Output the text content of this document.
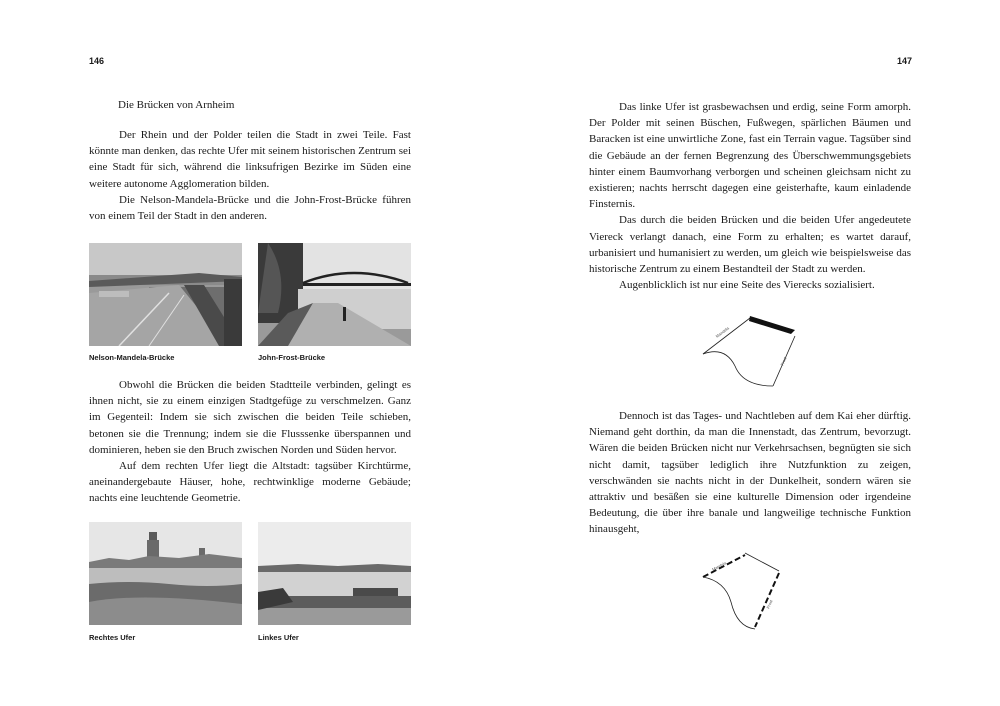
146
Die Brücken von Arnheim

Der Rhein und der Polder teilen die Stadt in zwei Teile. Fast könnte man denken, das rechte Ufer mit seinem historischen Zentrum sei eine Stadt für sich, während die linksufrigen Bezirke im Süden eine weitere autonome Agglomeration bilden.

Die Nelson-Mandela-Brücke und die John-Frost-Brücke führen von einem Teil der Stadt in den anderen.

Nelson-Mandela-Brücke	John-Frost-Brücke

Obwohl die Brücken die beiden Stadtteile verbinden, gelingt es ihnen nicht, sie zu einem einzigen Stadtgefüge zu verschmelzen. Ganz im Gegenteil: Indem sie sich zwischen die beiden Teile schieben, betonen sie die Trennung; indem sie die Flusssenke überspannen und dominieren, heben sie den Bruch zwischen Norden und Süden hervor.

Auf dem rechten Ufer liegt die Altstadt: tagsüber Kirchtürme, aneinandergebaute Häuser, hohe, rechtwinklige moderne Gebäude; nachts eine leuchtende Geometrie.

Rechtes Ufer	Linkes Ufer
147

Das linke Ufer ist grasbewachsen und erdig, seine Form amorph. Der Polder mit seinen Büschen, Fußwegen, spärlichen Bäumen und Baracken ist eine unwirtliche Zone, fast ein Terrain vague. Tagsüber sind die Gebäude an der fernen Begrenzung des Überschwemmungsgebiets hinter einem Baumvorhang verborgen und scheinen gleichsam nicht zu existieren; nachts herrscht dagegen eine geisterhafte, kaum einladende Finsternis.

Das durch die beiden Brücken und die beiden Ufer angedeutete Viereck verlangt danach, eine Form zu erhalten; es wartet darauf, urbanisiert und humanisiert zu werden, um gleich wie beispielsweise das historische Zentrum zu einem Bestandteil der Stadt zu werden.

Augenblicklich ist nur eine Seite des Vierecks sozialisiert.

Mandela
Frost

Dennoch ist das Tages- und Nachtleben auf dem Kai eher dürftig. Niemand geht dorthin, da man die Innenstadt, das Zentrum, bevorzugt. Wären die beiden Brücken nicht nur Verkehrsachsen, begnügten sie sich nicht damit, tagsüber lediglich ihre Nutzfunktion zu zeigen, verschwänden sie nachts nicht in der Dunkelheit, sondern wären sie attraktiv und besäßen sie eine kulturelle Dimension oder irgendeine Bedeutung, die über ihre banale und langweilige technische Funktion hinausgeht,

Mandela
Frost
